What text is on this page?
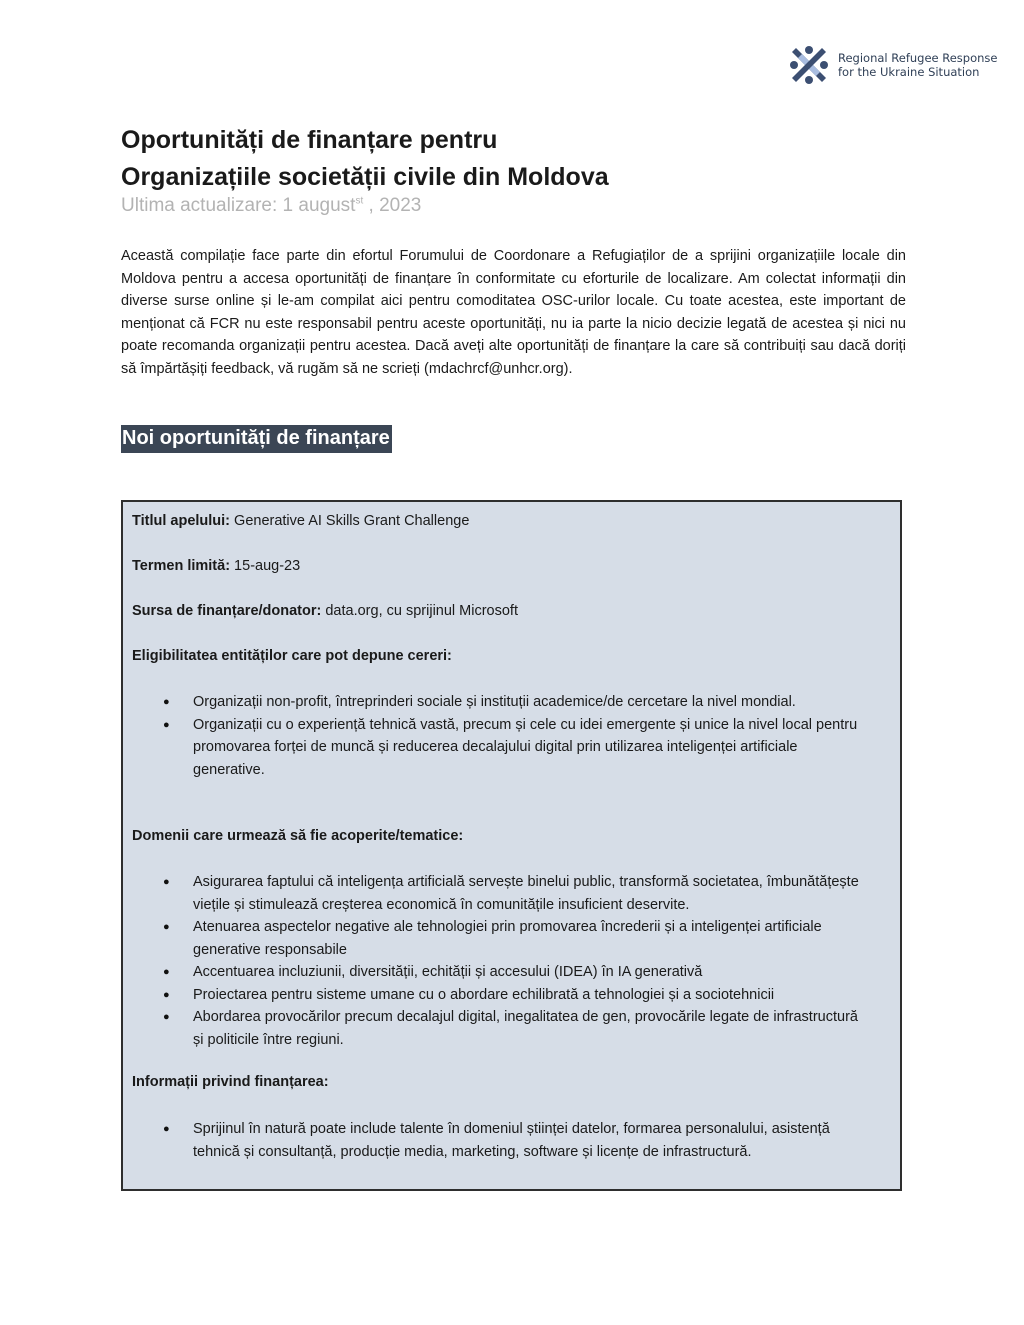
Regional Refugee Response
for the Ukraine Situation
Oportunități de finanțare pentru
Organizațiile societății civile din Moldova
Ultima actualizare: 1 august$^{st}$ , 2023
Această compilație face parte din efortul Forumului de Coordonare a Refugiaților de a sprijini organizațiile locale din Moldova pentru a accesa oportunități de finanțare în conformitate cu eforturile de localizare. Am colectat informații din diverse surse online și le-am compilat aici pentru comoditatea OSC-urilor locale. Cu toate acestea, este important de menționat că FCR nu este responsabil pentru aceste oportunități, nu ia parte la nicio decizie legată de acestea și nici nu poate recomanda organizații pentru acestea. Dacă aveți alte oportunități de finanțare la care să contribuiți sau dacă doriți să împărtășiți feedback, vă rugăm să ne scrieți (mdachrcf@unhcr.org).
Noi oportunități de finanțare
Titlul apelului: Generative AI Skills Grant Challenge
Termen limită: 15-aug-23
Sursa de finanțare/donator: data.org, cu sprijinul Microsoft
Eligibilitatea entităților care pot depune cereri:
● Organizații non-profit, întreprinderi sociale și instituții academice/de cercetare la nivel mondial.
● Organizații cu o experiență tehnică vastă, precum și cele cu idei emergente și unice la nivel local pentru promovarea forței de muncă și reducerea decalajului digital prin utilizarea inteligenței artificiale generative.
Domenii care urmează să fie acoperite/tematice:
● Asigurarea faptului că inteligența artificială servește binelui public, transformă societatea, îmbunătățește viețile și stimulează creșterea economică în comunitățile insuficient deservite.
● Atenuarea aspectelor negative ale tehnologiei prin promovarea încrederii și a inteligenței artificiale generative responsabile
● Accentuarea incluziunii, diversității, echității și accesului (IDEA) în IA generativă
● Proiectarea pentru sisteme umane cu o abordare echilibrată a tehnologiei și a sociotehnicii
● Abordarea provocărilor precum decalajul digital, inegalitatea de gen, provocările legate de infrastructură și politicile între regiuni.
Informații privind finanțarea:
● Sprijinul în natură poate include talente în domeniul științei datelor, formarea personalului, asistență tehnică și consultanță, producție media, marketing, software și licențe de infrastructură.
